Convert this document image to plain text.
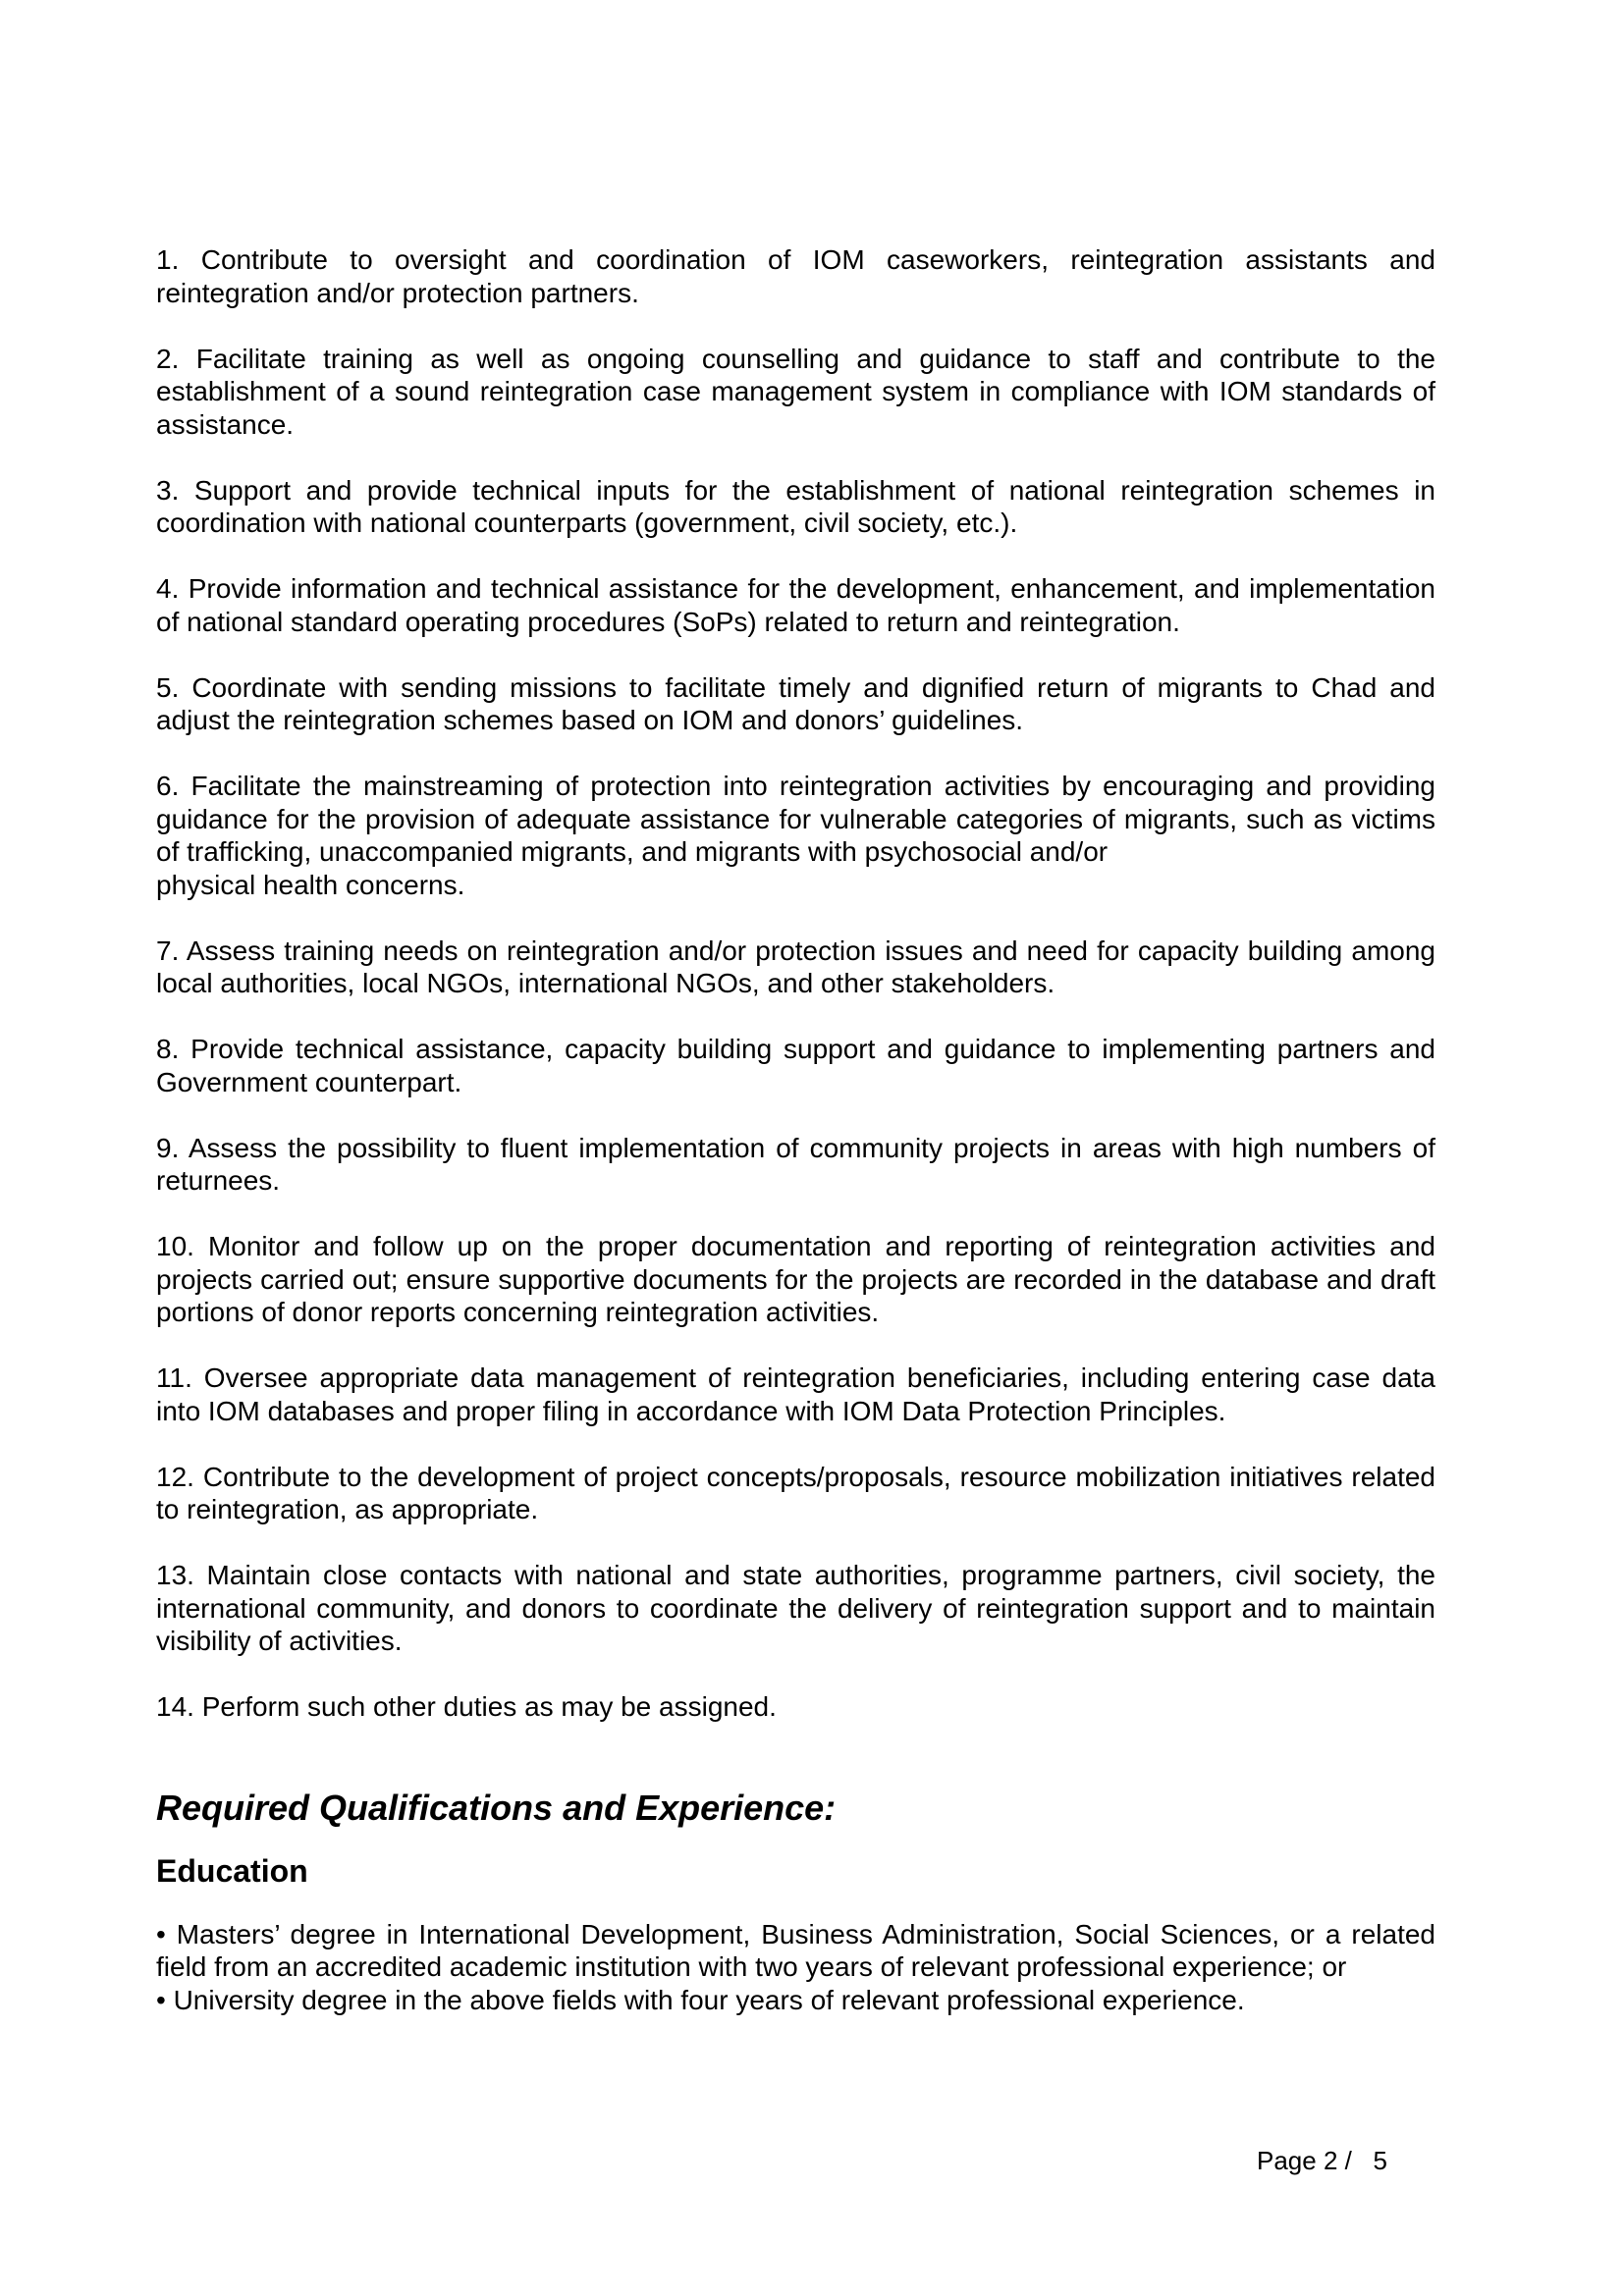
1. Contribute to oversight and coordination of IOM caseworkers, reintegration assistants and reintegration and/or protection partners.

2. Facilitate training as well as ongoing counselling and guidance to staff and contribute to the establishment of a sound reintegration case management system in compliance with IOM standards of assistance.

3. Support and provide technical inputs for the establishment of national reintegration schemes in coordination with national counterparts (government, civil society, etc.).

4. Provide information and technical assistance for the development, enhancement, and implementation of national standard operating procedures (SoPs) related to return and reintegration.

5. Coordinate with sending missions to facilitate timely and dignified return of migrants to Chad and adjust the reintegration schemes based on IOM and donors’ guidelines.

6. Facilitate the mainstreaming of protection into reintegration activities by encouraging and providing guidance for the provision of adequate assistance for vulnerable categories of migrants, such as victims of trafficking, unaccompanied migrants, and migrants with psychosocial and/or
physical health concerns.

7. Assess training needs on reintegration and/or protection issues and need for capacity building among local authorities, local NGOs, international NGOs, and other stakeholders.

8. Provide technical assistance, capacity building support and guidance to implementing partners and Government counterpart.

9. Assess the possibility to fluent implementation of community projects in areas with high numbers of returnees.

10. Monitor and follow up on the proper documentation and reporting of reintegration activities and projects carried out; ensure supportive documents for the projects are recorded in the database and draft portions of donor reports concerning reintegration activities.

11. Oversee appropriate data management of reintegration beneficiaries, including entering case data into IOM databases and proper filing in accordance with IOM Data Protection Principles.

12. Contribute to the development of project concepts/proposals, resource mobilization initiatives related to reintegration, as appropriate.

13. Maintain close contacts with national and state authorities, programme partners, civil society, the international community, and donors to coordinate the delivery of reintegration support and to maintain visibility of activities.

14. Perform such other duties as may be assigned.

Required Qualifications and Experience:
Education

• Masters’ degree in International Development, Business Administration, Social Sciences, or a related field from an accredited academic institution with two years of relevant professional experience; or

• University degree in the above fields with four years of relevant professional experience.

Page 2 /   5
